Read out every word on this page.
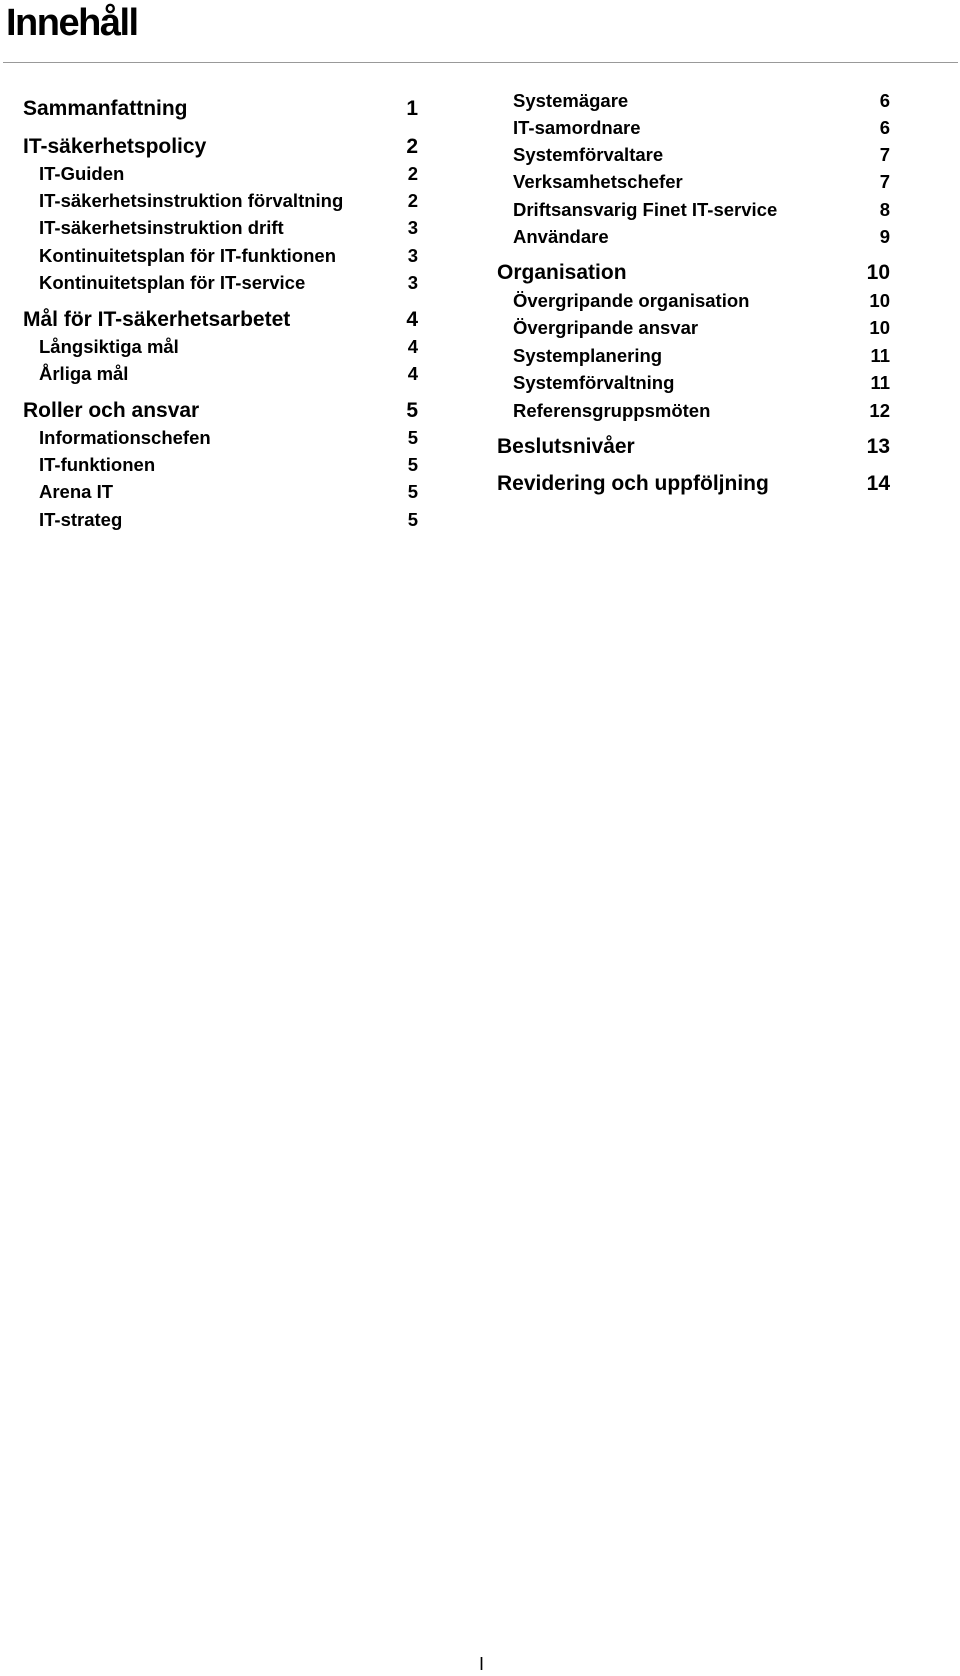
Innehåll
Sammanfattning	1
IT-säkerhetspolicy	2
IT-Guiden	2
IT-säkerhetsinstruktion förvaltning	2
IT-säkerhetsinstruktion drift	3
Kontinuitetsplan för IT-funktionen	3
Kontinuitetsplan för IT-service	3
Mål för IT-säkerhetsarbetet	4
Långsiktiga mål	4
Årliga mål	4
Roller och ansvar	5
Informationschefen	5
IT-funktionen	5
Arena IT	5
IT-strateg	5
Systemägare	6
IT-samordnare	6
Systemförvaltare	7
Verksamhetschefer	7
Driftsansvarig Finet IT-service	8
Användare	9
Organisation	10
Övergripande organisation	10
Övergripande ansvar	10
Systemplanering	11
Systemförvaltning	11
Referensgruppsmöten	12
Beslutsnivåer	13
Revidering och uppföljning	14
I
